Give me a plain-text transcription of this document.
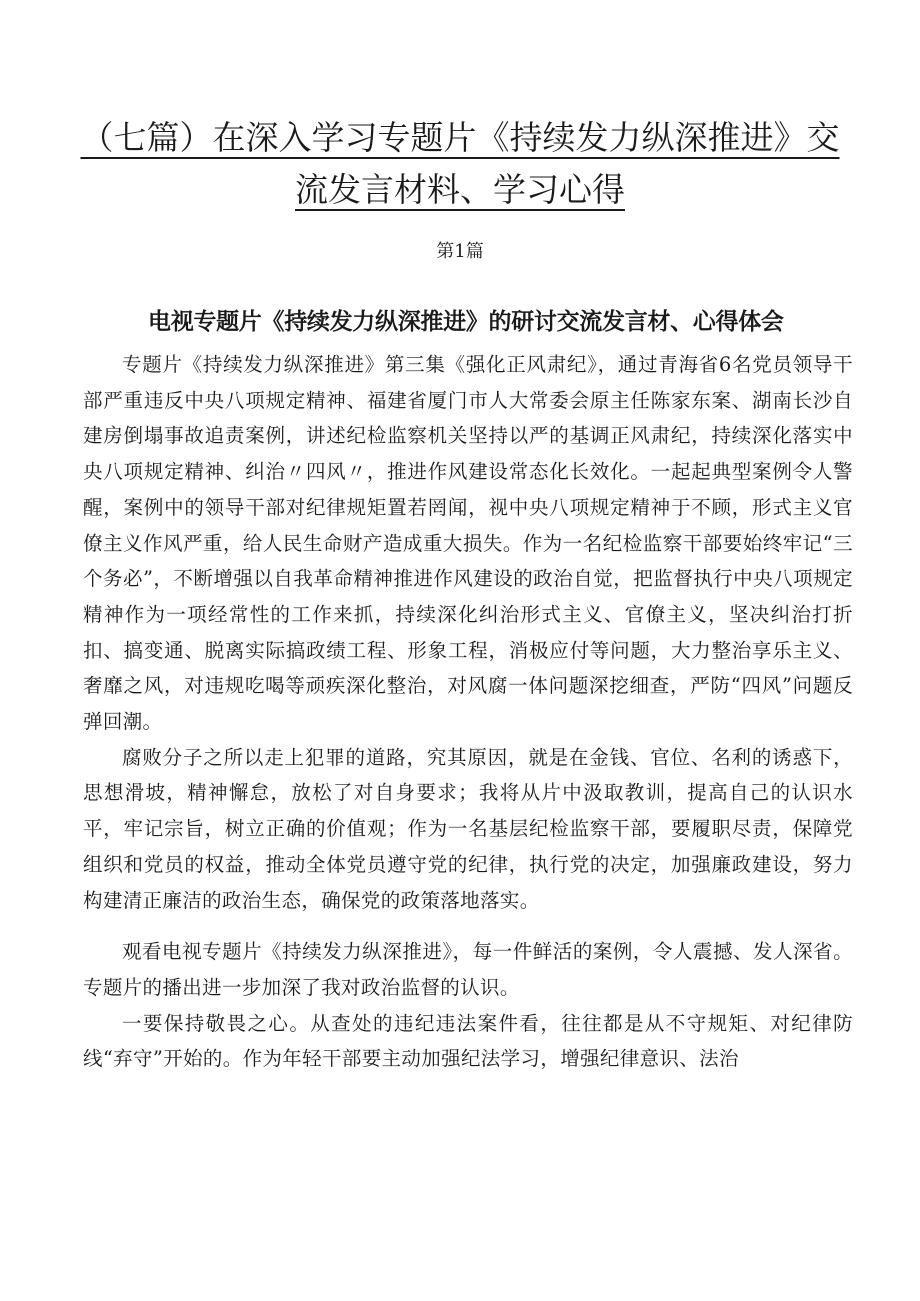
（七篇）在深入学习专题片《持续发力纵深推进》交
流发言材料、学习心得

第1篇

电视专题片《持续发力纵深推进》的研讨交流发言材、心得体会

专题片《持续发力纵深推进》第三集《强化正风肃纪》，通过青海省6名党员领导干部严重违反中央八项规定精神、福建省厦门市人大常委会原主任陈家东案、湖南长沙自建房倒塌事故追责案例，讲述纪检监察机关坚持以严的基调正风肃纪，持续深化落实中央八项规定精神、纠治〃四风〃，推进作风建设常态化长效化。一起起典型案例令人警醒，案例中的领导干部对纪律规矩置若罔闻，视中央八项规定精神于不顾，形式主义官僚主义作风严重，给人民生命财产造成重大损失。作为一名纪检监察干部要始终牢记“三个务必”，不断增强以自我革命精神推进作风建设的政治自觉，把监督执行中央八项规定精神作为一项经常性的工作来抓，持续深化纠治形式主义、官僚主义，坚决纠治打折扣、搞变通、脱离实际搞政绩工程、形象工程，消极应付等问题，大力整治享乐主义、奢靡之风，对违规吃喝等顽疾深化整治，对风腐一体问题深挖细查，严防“四风”问题反弹回潮。

腐败分子之所以走上犯罪的道路，究其原因，就是在金钱、官位、名利的诱惑下，思想滑坡，精神懈怠，放松了对自身要求；我将从片中汲取教训，提高自己的认识水平，牢记宗旨，树立正确的价值观；作为一名基层纪检监察干部，要履职尽责，保障党组织和党员的权益，推动全体党员遵守党的纪律，执行党的决定，加强廉政建设，努力构建清正廉洁的政治生态，确保党的政策落地落实。

观看电视专题片《持续发力纵深推进》，每一件鲜活的案例，令人震撼、发人深省。专题片的播出进一步加深了我对政治监督的认识。

一要保持敬畏之心。从查处的违纪违法案件看，往往都是从不守规矩、对纪律防线“弃守”开始的。作为年轻干部要主动加强纪法学习，增强纪律意识、法治
